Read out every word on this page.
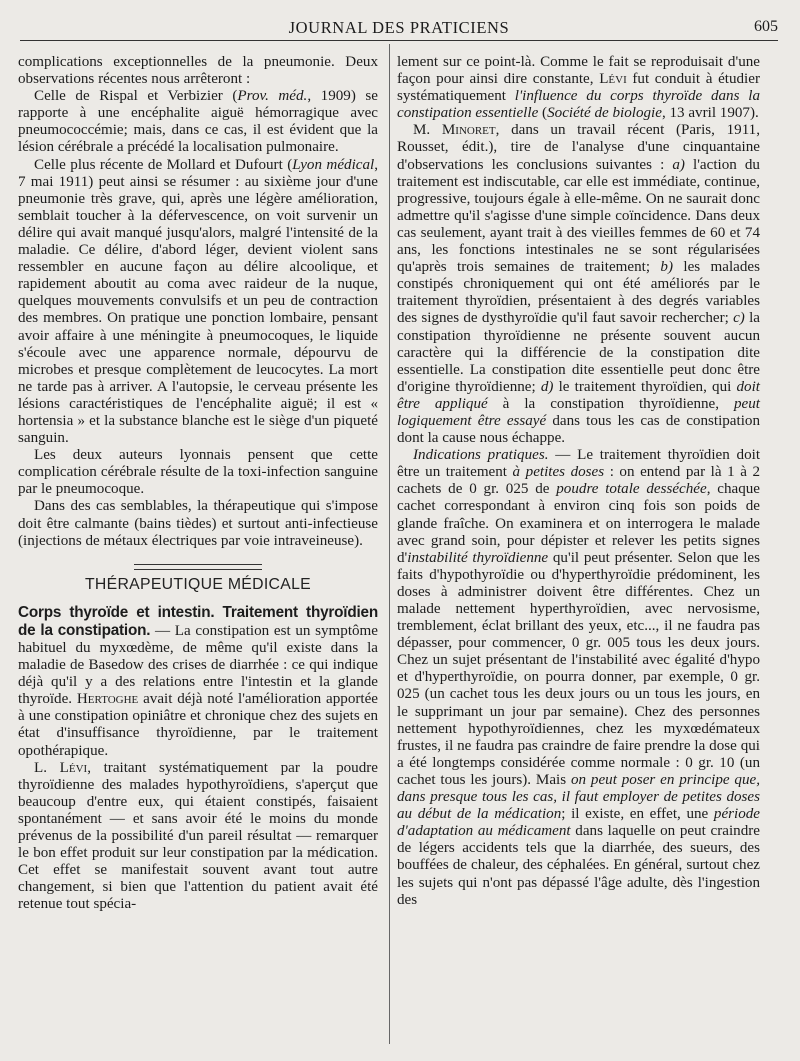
JOURNAL DES PRATICIENS	605

complications exceptionnelles de la pneumonie. Deux observations récentes nous arrêteront :

Celle de Rispal et Verbizier (Prov. méd., 1909) se rapporte à une encéphalite aiguë hémorragique avec pneumococcémie; mais, dans ce cas, il est évident que la lésion cérébrale a précédé la localisation pulmonaire.

Celle plus récente de Mollard et Dufourt (Lyon médical, 7 mai 1911) peut ainsi se résumer : au sixième jour d'une pneumonie très grave, qui, après une légère amélioration, semblait toucher à la défervescence, on voit survenir un délire qui avait manqué jusqu'alors, malgré l'intensité de la maladie. Ce délire, d'abord léger, devient violent sans ressembler en aucune façon au délire alcoolique, et rapidement aboutit au coma avec raideur de la nuque, quelques mouvements convulsifs et un peu de contraction des membres. On pratique une ponction lombaire, pensant avoir affaire à une méningite à pneumocoques, le liquide s'écoule avec une apparence normale, dépourvu de microbes et presque complètement de leucocytes. La mort ne tarde pas à arriver. A l'autopsie, le cerveau présente les lésions caractéristiques de l'encéphalite aiguë; il est « hortensia » et la substance blanche est le siège d'un piqueté sanguin.

Les deux auteurs lyonnais pensent que cette complication cérébrale résulte de la toxi-infection sanguine par le pneumocoque.

Dans des cas semblables, la thérapeutique qui s'impose doit être calmante (bains tièdes) et surtout anti-infectieuse (injections de métaux électriques par voie intraveineuse).

THÉRAPEUTIQUE MÉDICALE

Corps thyroïde et intestin. Traitement thyroïdien de la constipation. — La constipation est un symptôme habituel du myxœdème, de même qu'il existe dans la maladie de Basedow des crises de diarrhée : ce qui indique déjà qu'il y a des relations entre l'intestin et la glande thyroïde. Hertoghe avait déjà noté l'amélioration apportée à une constipation opiniâtre et chronique chez des sujets en état d'insuffisance thyroïdienne, par le traitement opothérapique.

L. Lévi, traitant systématiquement par la poudre thyroïdienne des malades hypothyroïdiens, s'aperçut que beaucoup d'entre eux, qui étaient constipés, faisaient spontanément — et sans avoir été le moins du monde prévenus de la possibilité d'un pareil résultat — remarquer le bon effet produit sur leur constipation par la médication. Cet effet se manifestait souvent avant tout autre changement, si bien que l'attention du patient avait été retenue tout spécia-

lement sur ce point-là. Comme le fait se reproduisait d'une façon pour ainsi dire constante, Lévi fut conduit à étudier systématiquement l'influence du corps thyroïde dans la constipation essentielle (Société de biologie, 13 avril 1907).

M. Minoret, dans un travail récent (Paris, 1911, Rousset, édit.), tire de l'analyse d'une cinquantaine d'observations les conclusions suivantes : a) l'action du traitement est indiscutable, car elle est immédiate, continue, progressive, toujours égale à elle-même. On ne saurait donc admettre qu'il s'agisse d'une simple coïncidence. Dans deux cas seulement, ayant trait à des vieilles femmes de 60 et 74 ans, les fonctions intestinales ne se sont régularisées qu'après trois semaines de traitement; b) les malades constipés chroniquement qui ont été améliorés par le traitement thyroïdien, présentaient à des degrés variables des signes de dysthyroïdie qu'il faut savoir rechercher; c) la constipation thyroïdienne ne présente souvent aucun caractère qui la différencie de la constipation dite essentielle. La constipation dite essentielle peut donc être d'origine thyroïdienne; d) le traitement thyroïdien, qui doit être appliqué à la constipation thyroïdienne, peut logiquement être essayé dans tous les cas de constipation dont la cause nous échappe.

Indications pratiques. — Le traitement thyroïdien doit être un traitement à petites doses : on entend par là 1 à 2 cachets de 0 gr. 025 de poudre totale desséchée, chaque cachet correspondant à environ cinq fois son poids de glande fraîche. On examinera et on interrogera le malade avec grand soin, pour dépister et relever les petits signes d'instabilité thyroïdienne qu'il peut présenter. Selon que les faits d'hypothyroïdie ou d'hyperthyroïdie prédominent, les doses à administrer doivent être différentes. Chez un malade nettement hyperthyroïdien, avec nervosisme, tremblement, éclat brillant des yeux, etc..., il ne faudra pas dépasser, pour commencer, 0 gr. 005 tous les deux jours. Chez un sujet présentant de l'instabilité avec égalité d'hypo et d'hyperthyroïdie, on pourra donner, par exemple, 0 gr. 025 (un cachet tous les deux jours ou un tous les jours, en le supprimant un jour par semaine). Chez des personnes nettement hypothyroïdiennes, chez les myxœdémateux frustes, il ne faudra pas craindre de faire prendre la dose qui a été longtemps considérée comme normale : 0 gr. 10 (un cachet tous les jours). Mais on peut poser en principe que, dans presque tous les cas, il faut employer de petites doses au début de la médication; il existe, en effet, une période d'adaptation au médicament dans laquelle on peut craindre de légers accidents tels que la diarrhée, des sueurs, des bouffées de chaleur, des céphalées. En général, surtout chez les sujets qui n'ont pas dépassé l'âge adulte, dès l'ingestion des
